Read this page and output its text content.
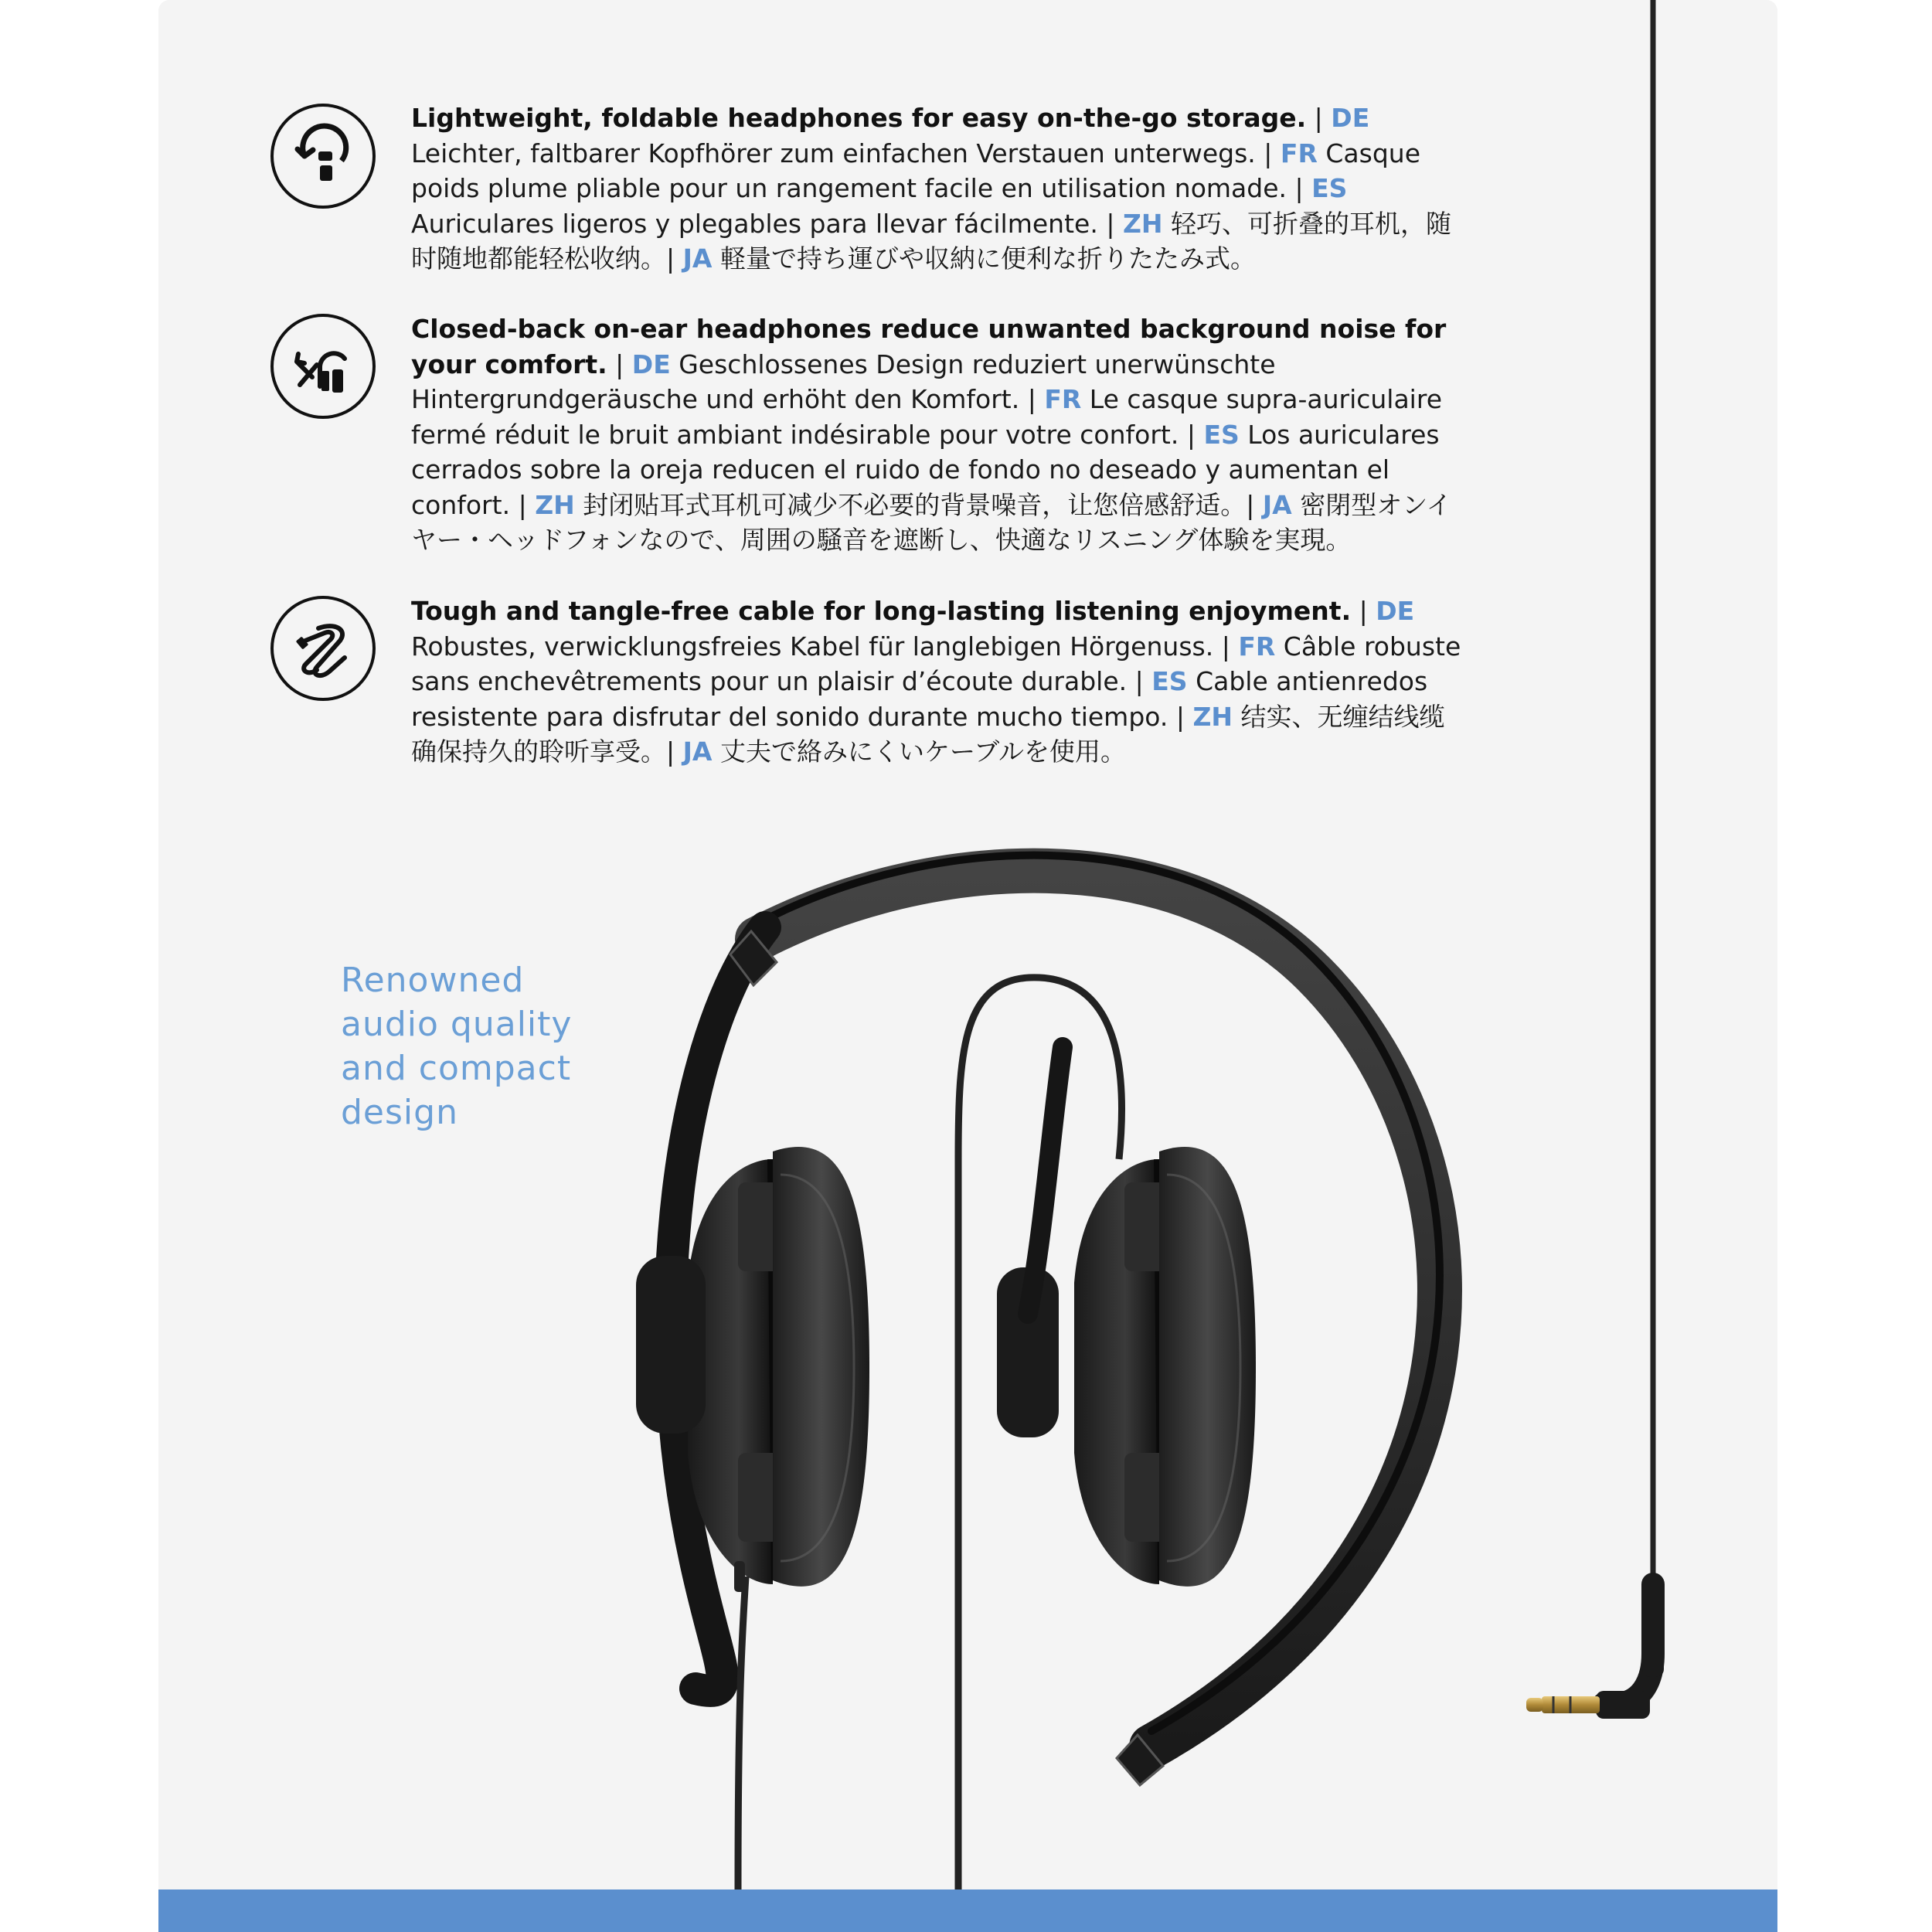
Lightweight, foldable headphones for easy on-the-go storage. | DE Leichter, faltbarer Kopfhörer zum einfachen Verstauen unterwegs. | FR Casque poids plume pliable pour un rangement facile en utilisation nomade. | ES Auriculares ligeros y plegables para llevar fácilmente. | ZH 轻巧、可折叠的耳机，随时随地都能轻松收纳。| JA 軽量で持ち運びや収納に便利な折りたたみ式。
Closed-back on-ear headphones reduce unwanted background noise for your comfort. | DE Geschlossenes Design reduziert unerwünschte Hintergrundgeräusche und erhöht den Komfort. | FR Le casque supra-auriculaire fermé réduit le bruit ambiant indésirable pour votre confort. | ES Los auriculares cerrados sobre la oreja reducen el ruido de fondo no deseado y aumentan el confort. | ZH 封闭贴耳式耳机可减少不必要的背景噪音，让您倍感舒适。| JA 密閉型オンイヤー・ヘッドフォンなので、周囲の騒音を遮断し、快適なリスニング体験を実現。
Tough and tangle-free cable for long-lasting listening enjoyment. | DE Robustes, verwicklungsfreies Kabel für langlebigen Hörgenuss. | FR Câble robuste sans enchevêtrements pour un plaisir d’écoute durable. | ES Cable antienredos resistente para disfrutar del sonido durante mucho tiempo. | ZH 结实、无缠结线缆确保持久的聆听享受。| JA 丈夫で絡みにくいケーブルを使用。
Renowned
audio quality
and compact
design
